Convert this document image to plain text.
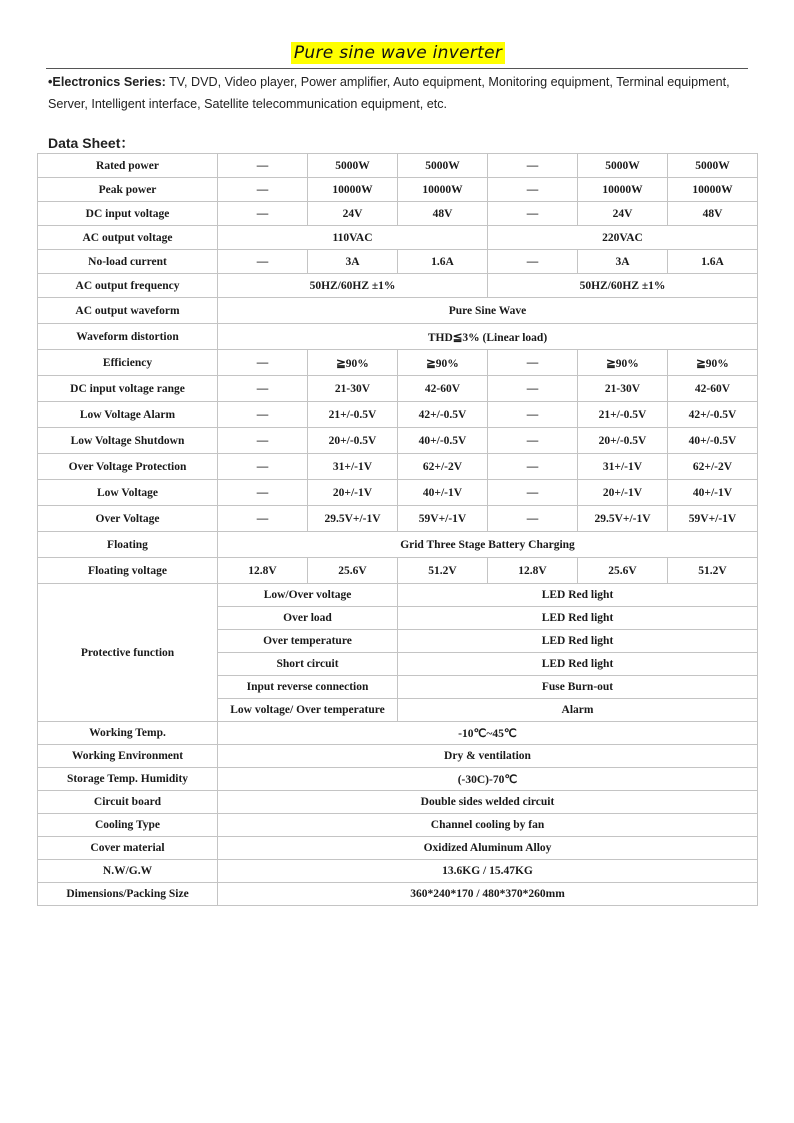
Pure sine wave inverter
•Electronics Series: TV, DVD, Video player, Power amplifier, Auto equipment, Monitoring equipment, Terminal equipment, Server, Intelligent interface, Satellite telecommunication equipment, etc.
Data Sheet：
Rated power	—	5000W	5000W	—	5000W	5000W
Peak power	—	10000W	10000W	—	10000W	10000W
DC input voltage	—	24V	48V	—	24V	48V
AC output voltage	110VAC			220VAC		
No-load current	—	3A	1.6A	—	3A	1.6A
AC output frequency	50HZ/60HZ ±1%			50HZ/60HZ ±1%		
AC output waveform	Pure Sine Wave					
Waveform distortion	THD≦3% (Linear load)					
Efficiency	—	≧90%	≧90%	—	≧90%	≧90%
DC input voltage range	—	21-30V	42-60V	—	21-30V	42-60V
Low Voltage Alarm	—	21+/-0.5V	42+/-0.5V	—	21+/-0.5V	42+/-0.5V
Low Voltage Shutdown	—	20+/-0.5V	40+/-0.5V	—	20+/-0.5V	40+/-0.5V
Over Voltage Protection	—	31+/-1V	62+/-2V	—	31+/-1V	62+/-2V
Low Voltage	—	20+/-1V	40+/-1V	—	20+/-1V	40+/-1V
Over Voltage	—	29.5V+/-1V	59V+/-1V	—	29.5V+/-1V	59V+/-1V
Floating	Grid Three Stage Battery Charging					
Floating voltage	12.8V	25.6V	51.2V	12.8V	25.6V	51.2V
Protective function	Low/Over voltage		LED Red light			
	Over load		LED Red light			
	Over temperature		LED Red light			
	Short circuit		LED Red light			
	Input reverse connection		Fuse Burn-out			
	Low voltage/ Over temperature		Alarm			
Working Temp.	-10℃~45℃					
Working Environment	Dry & ventilation					
Storage Temp. Humidity	(-30C)-70℃					
Circuit board	Double sides welded circuit					
Cooling Type	Channel cooling by fan					
Cover material	Oxidized Aluminum Alloy					
N.W/G.W	13.6KG / 15.47KG					
Dimensions/Packing Size	360*240*170 / 480*370*260mm					
